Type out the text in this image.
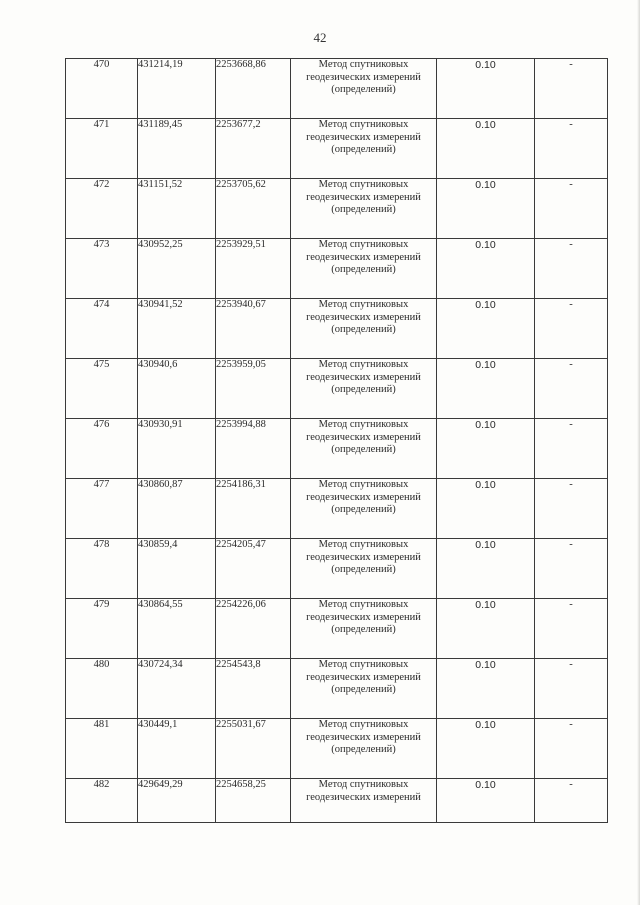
42
470	431214,19	2253668,86	Метод спутниковых
геодезических измерений
(определений)	0.10	-
471	431189,45	2253677,2	Метод спутниковых
геодезических измерений
(определений)	0.10	-
472	431151,52	2253705,62	Метод спутниковых
геодезических измерений
(определений)	0.10	-
473	430952,25	2253929,51	Метод спутниковых
геодезических измерений
(определений)	0.10	-
474	430941,52	2253940,67	Метод спутниковых
геодезических измерений
(определений)	0.10	-
475	430940,6	2253959,05	Метод спутниковых
геодезических измерений
(определений)	0.10	-
476	430930,91	2253994,88	Метод спутниковых
геодезических измерений
(определений)	0.10	-
477	430860,87	2254186,31	Метод спутниковых
геодезических измерений
(определений)	0.10	-
478	430859,4	2254205,47	Метод спутниковых
геодезических измерений
(определений)	0.10	-
479	430864,55	2254226,06	Метод спутниковых
геодезических измерений
(определений)	0.10	-
480	430724,34	2254543,8	Метод спутниковых
геодезических измерений
(определений)	0.10	-
481	430449,1	2255031,67	Метод спутниковых
геодезических измерений
(определений)	0.10	-
482	429649,29	2254658,25	Метод спутниковых
геодезических измерений	0.10	-
